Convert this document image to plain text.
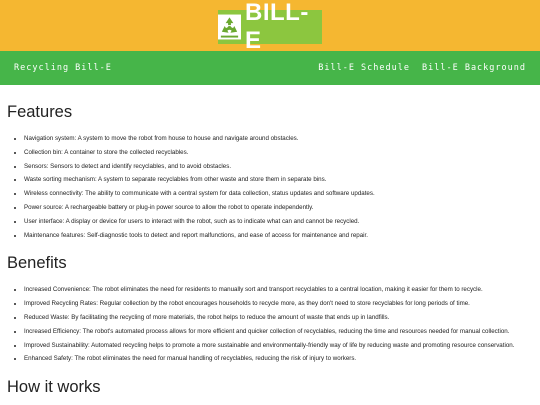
BILL-E
Recycling Bill-E	Bill-E Schedule Bill-E Background
Features
• Navigation system: A system to move the robot from house to house and navigate around obstacles.
• Collection bin: A container to store the collected recyclables.
• Sensors: Sensors to detect and identify recyclables, and to avoid obstacles.
• Waste sorting mechanism: A system to separate recyclables from other waste and store them in separate bins.
• Wireless connectivity: The ability to communicate with a central system for data collection, status updates and software updates.
• Power source: A rechargeable battery or plug-in power source to allow the robot to operate independently.
• User interface: A display or device for users to interact with the robot, such as to indicate what can and cannot be recycled.
• Maintenance features: Self-diagnostic tools to detect and report malfunctions, and ease of access for maintenance and repair.
Benefits
• Increased Convenience: The robot eliminates the need for residents to manually sort and transport recyclables to a central location, making it easier for them to recycle.
• Improved Recycling Rates: Regular collection by the robot encourages households to recycle more, as they don't need to store recyclables for long periods of time.
• Reduced Waste: By facilitating the recycling of more materials, the robot helps to reduce the amount of waste that ends up in landfills.
• Increased Efficiency: The robot's automated process allows for more efficient and quicker collection of recyclables, reducing the time and resources needed for manual collection.
• Improved Sustainability: Automated recycling helps to promote a more sustainable and environmentally-friendly way of life by reducing waste and promoting resource conservation.
• Enhanced Safety: The robot eliminates the need for manual handling of recyclables, reducing the risk of injury to workers.
How it works
